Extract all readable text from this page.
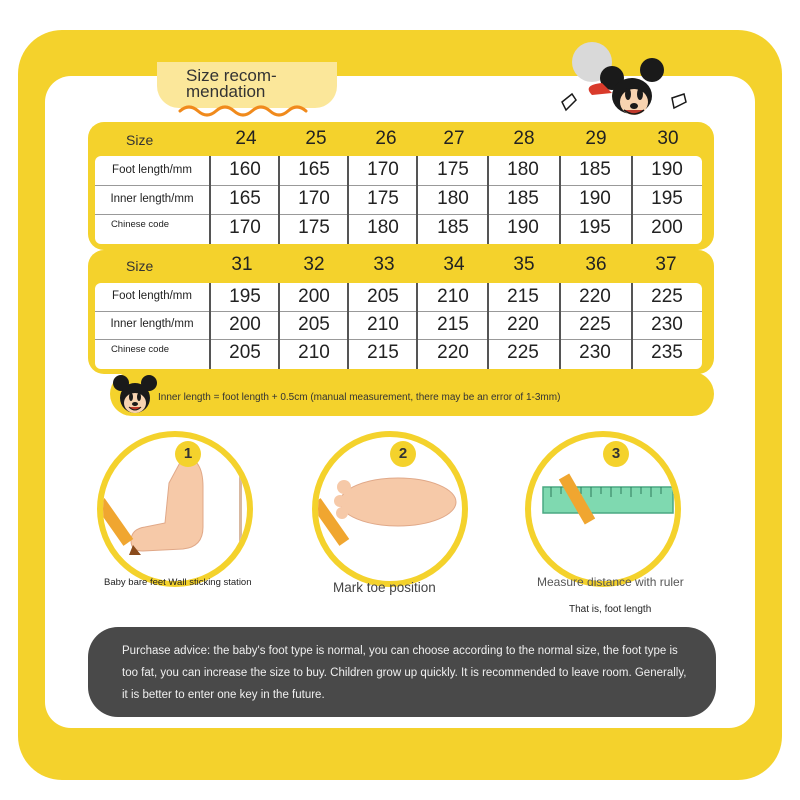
Size recom-
mendation
Size	24	25	26	27	28	29	30
Foot length/mm	160	165	170	175	180	185	190
Inner length/mm	165	170	175	180	185	190	195
Chinese code	170	175	180	185	190	195	200
Size	31	32	33	34	35	36	37
Foot length/mm	195	200	205	210	215	220	225
Inner length/mm	200	205	210	215	220	225	230
Chinese code	205	210	215	220	225	230	235
Inner length = foot length + 0.5cm (manual measurement, there may be an error of 1-3mm)
1	2	3
Baby bare feet Wall sticking station	Mark toe position	Measure distance with ruler
That is, foot length
Purchase advice: the baby's foot type is normal, you can choose according to the normal size, the foot type is too fat, you can increase the size to buy. Children grow up quickly. It is recommended to leave room. Generally, it is better to enter one key in the future.
